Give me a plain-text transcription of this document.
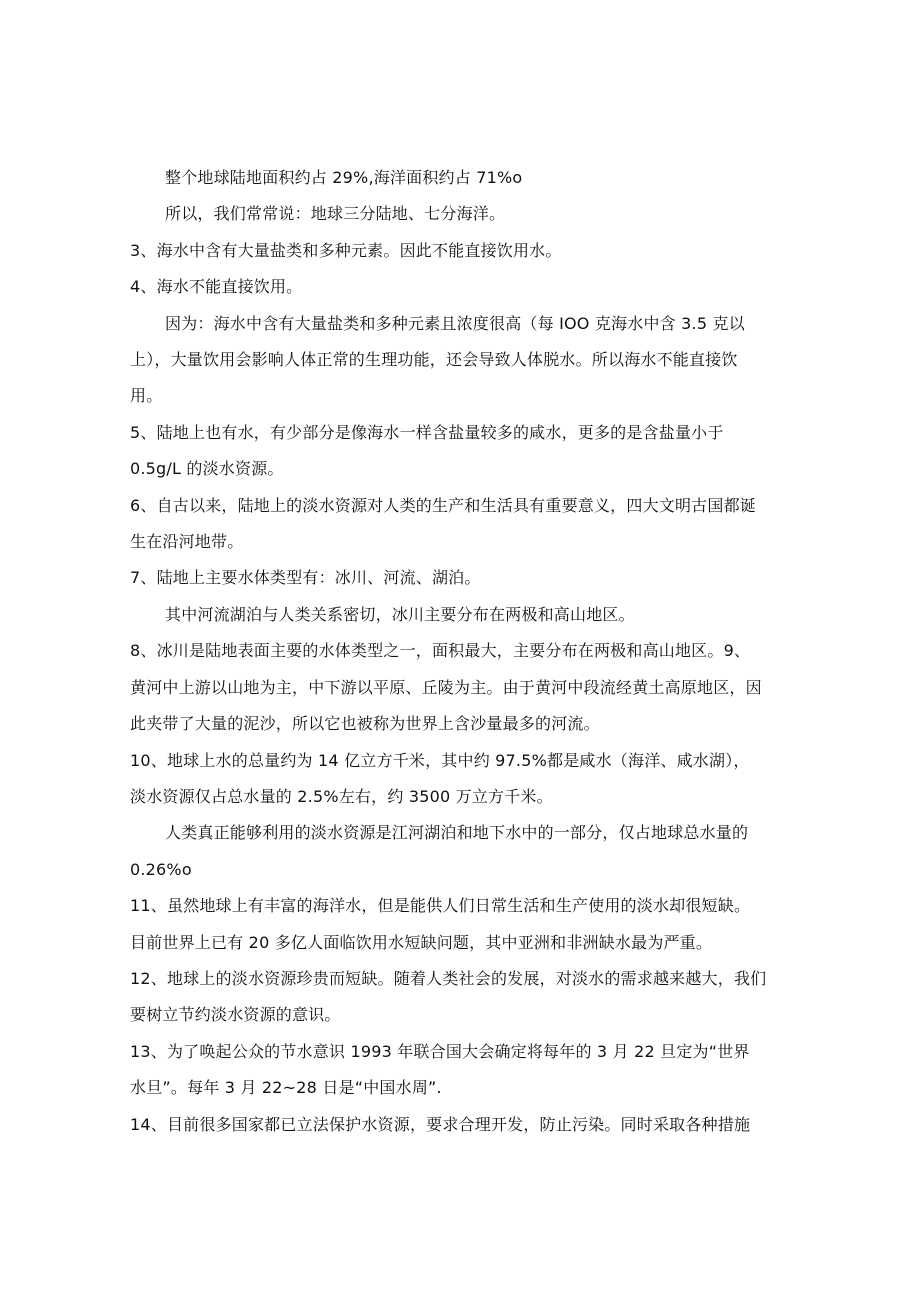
整个地球陆地面积约占 29%,海洋面积约占 71%o

所以，我们常常说：地球三分陆地、七分海洋。

3、海水中含有大量盐类和多种元素。因此不能直接饮用水。

4、海水不能直接饮用。

因为：海水中含有大量盐类和多种元素且浓度很高（每 IOO 克海水中含 3.5 克以
上），大量饮用会影响人体正常的生理功能，还会导致人体脱水。所以海水不能直接饮
用。

5、陆地上也有水，有少部分是像海水一样含盐量较多的咸水，更多的是含盐量小于
0.5g/L 的淡水资源。

6、自古以来，陆地上的淡水资源对人类的生产和生活具有重要意义，四大文明古国都诞
生在沿河地带。

7、陆地上主要水体类型有：冰川、河流、湖泊。

其中河流湖泊与人类关系密切，冰川主要分布在两极和高山地区。

8、冰川是陆地表面主要的水体类型之一，面积最大，主要分布在两极和高山地区。9、
黄河中上游以山地为主，中下游以平原、丘陵为主。由于黄河中段流经黄土高原地区，因
此夹带了大量的泥沙，所以它也被称为世界上含沙量最多的河流。

10、地球上水的总量约为 14 亿立方千米，其中约 97.5%都是咸水（海洋、咸水湖），
淡水资源仅占总水量的 2.5%左右，约 3500 万立方千米。

人类真正能够利用的淡水资源是江河湖泊和地下水中的一部分，仅占地球总水量的
0.26%o

11、虽然地球上有丰富的海洋水，但是能供人们日常生活和生产使用的淡水却很短缺。
目前世界上已有 20 多亿人面临饮用水短缺问题，其中亚洲和非洲缺水最为严重。

12、地球上的淡水资源珍贵而短缺。随着人类社会的发展，对淡水的需求越来越大，我们
要树立节约淡水资源的意识。

13、为了唤起公众的节水意识 1993 年联合国大会确定将每年的 3 月 22 旦定为“世界
水旦”。每年 3 月 22~28 日是“中国水周”.

14、目前很多国家都已立法保护水资源，要求合理开发，防止污染。同时采取各种措施
